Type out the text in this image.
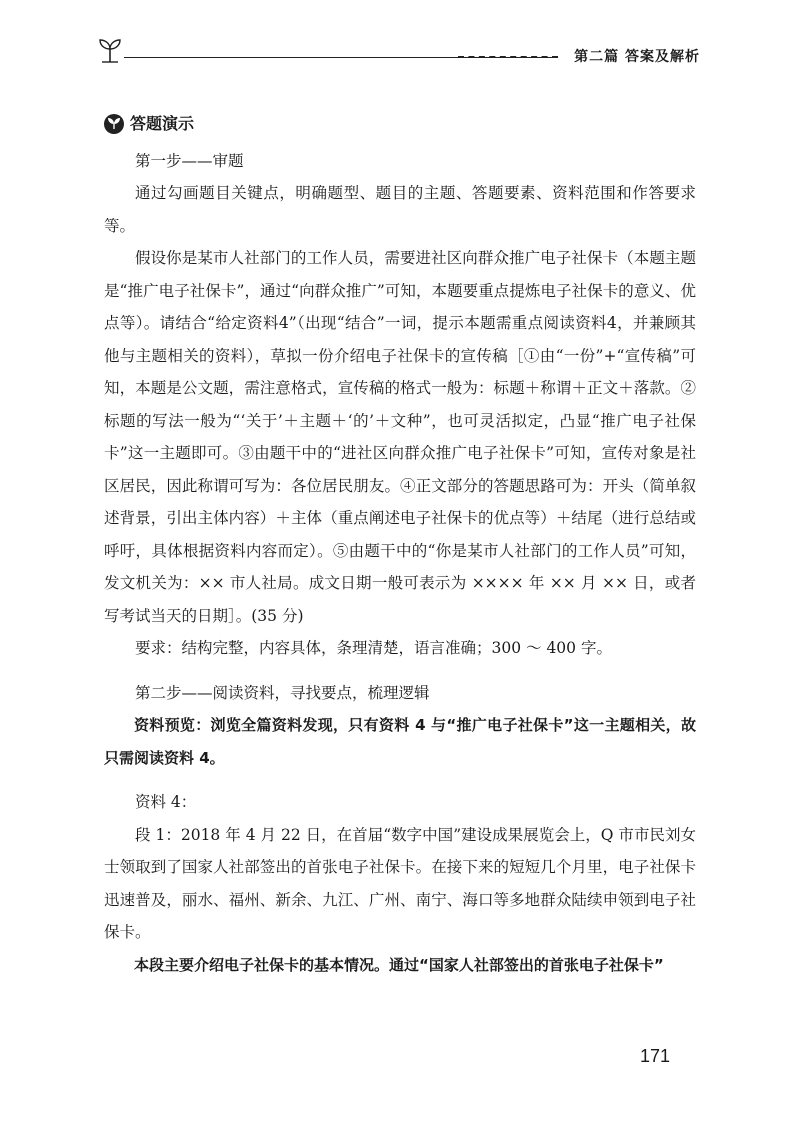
第二篇 答案及解析
答题演示

第一步——审题

通过勾画题目关键点，明确题型、题目的主题、答题要素、资料范围和作答要求等。

假设你是某市人社部门的工作人员，需要进社区向群众推广电子社保卡（本题主题是“推广电子社保卡”，通过“向群众推广”可知，本题要重点提炼电子社保卡的意义、优点等）。请结合“给定资料4”（出现“结合”一词，提示本题需重点阅读资料4，并兼顾其他与主题相关的资料），草拟一份介绍电子社保卡的宣传稿［①由“一份”+“宣传稿”可知，本题是公文题，需注意格式，宣传稿的格式一般为：标题＋称谓＋正文＋落款。②标题的写法一般为“‘关于’＋主题＋‘的’＋文种”，也可灵活拟定，凸显“推广电子社保卡”这一主题即可。③由题干中的“进社区向群众推广电子社保卡”可知，宣传对象是社区居民，因此称谓可写为：各位居民朋友。④正文部分的答题思路可为：开头（简单叙述背景，引出主体内容）＋主体（重点阐述电子社保卡的优点等）＋结尾（进行总结或呼吁，具体根据资料内容而定）。⑤由题干中的“你是某市人社部门的工作人员”可知，发文机关为：×× 市人社局。成文日期一般可表示为 ×××× 年 ×× 月 ×× 日，或者写考试当天的日期］。(35 分)

要求：结构完整，内容具体，条理清楚，语言准确；300 ～ 400 字。

第二步——阅读资料，寻找要点，梳理逻辑

资料预览：浏览全篇资料发现，只有资料 4 与“推广电子社保卡”这一主题相关，故只需阅读资料 4。

资料 4：

段 1：2018 年 4 月 22 日，在首届“数字中国”建设成果展览会上，Q 市市民刘女士领取到了国家人社部签出的首张电子社保卡。在接下来的短短几个月里，电子社保卡迅速普及，丽水、福州、新余、九江、广州、南宁、海口等多地群众陆续申领到电子社保卡。

本段主要介绍电子社保卡的基本情况。通过“国家人社部签出的首张电子社保卡”

171
